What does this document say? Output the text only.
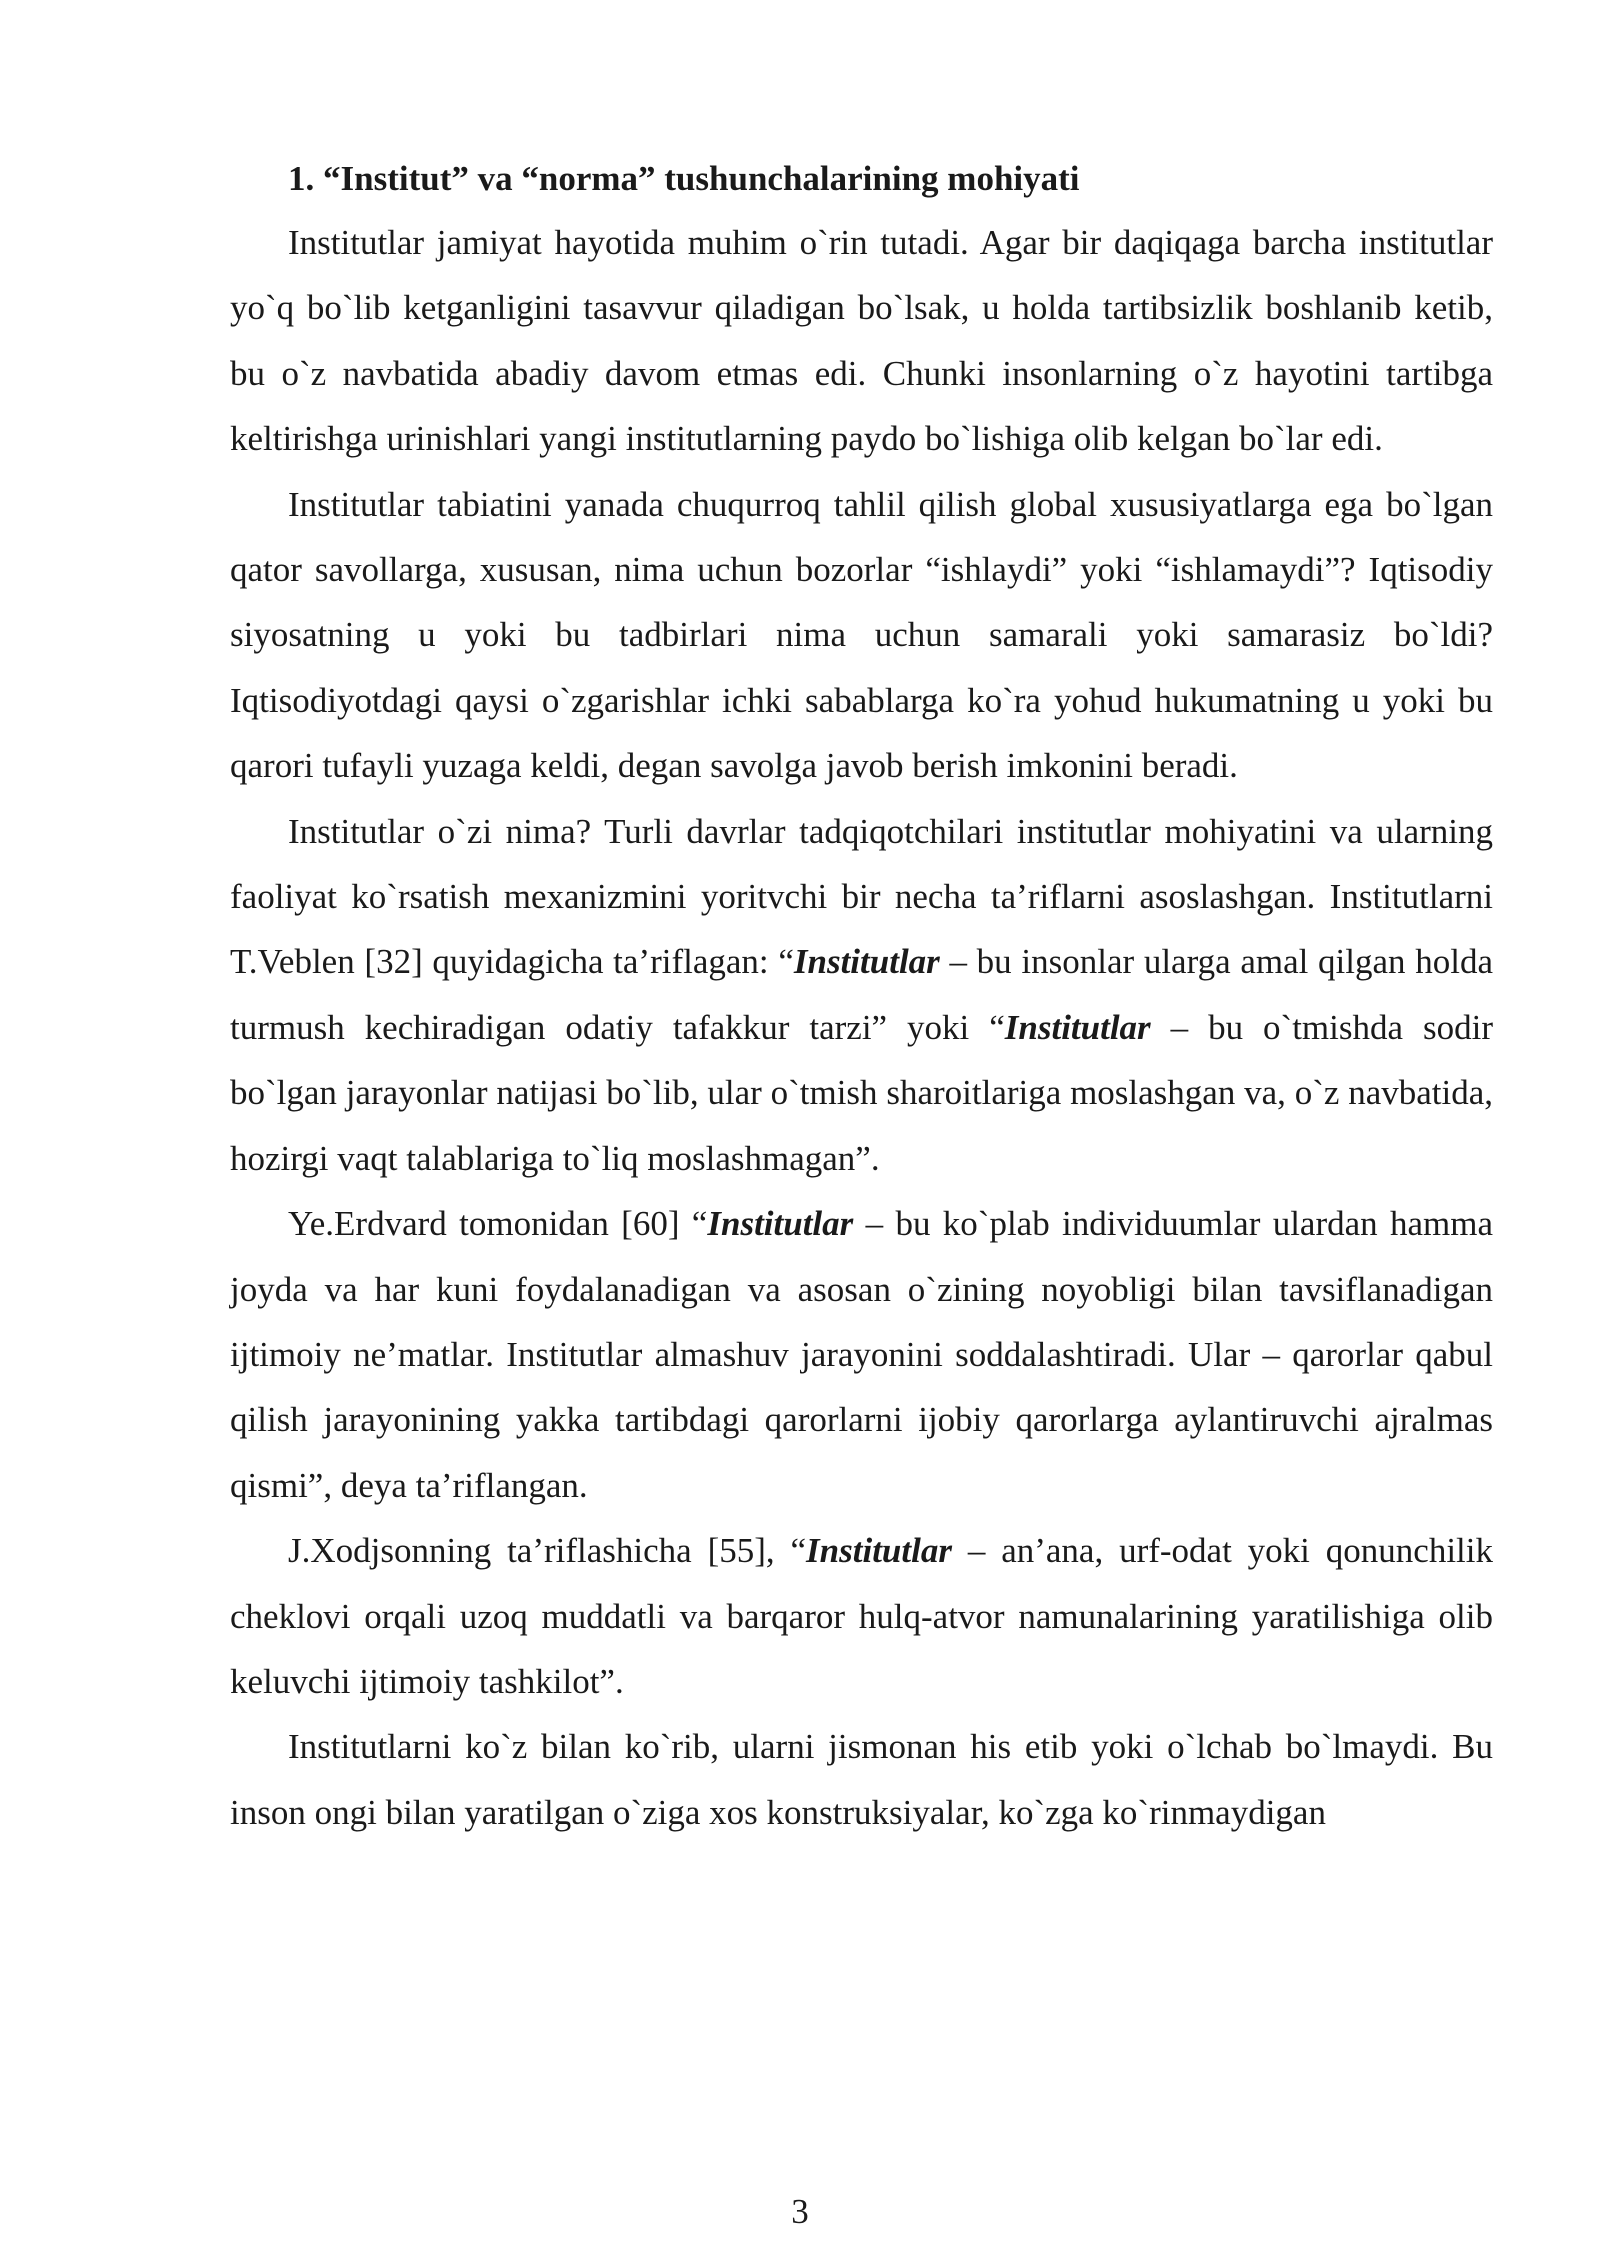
1. “Institut” va “norma” tushunchalarining mohiyati

Institutlar jamiyat hayotida muhim o`rin tutadi. Agar bir daqiqaga barcha institutlar yo`q bo`lib ketganligini tasavvur qiladigan bo`lsak, u holda tartibsizlik boshlanib ketib, bu o`z navbatida abadiy davom etmas edi. Chunki insonlarning o`z hayotini tartibga keltirishga urinishlari yangi institutlarning paydo bo`lishiga olib kelgan bo`lar edi.

Institutlar tabiatini yanada chuqurroq tahlil qilish global xususiyatlarga ega bo`lgan qator savollarga, xususan, nima uchun bozorlar “ishlaydi” yoki “ishlamaydi”? Iqtisodiy siyosatning u yoki bu tadbirlari nima uchun samarali yoki samarasiz bo`ldi? Iqtisodiyotdagi qaysi o`zgarishlar ichki sabablarga ko`ra yohud hukumatning u yoki bu qarori tufayli yuzaga keldi, degan savolga javob berish imkonini beradi.

Institutlar o`zi nima? Turli davrlar tadqiqotchilari institutlar mohiyatini va ularning faoliyat ko`rsatish mexanizmini yoritvchi bir necha ta’riflarni asoslashgan. Institutlarni T.Veblen [32] quyidagicha ta’riflagan: “Institutlar – bu insonlar ularga amal qilgan holda turmush kechiradigan odatiy tafakkur tarzi” yoki “Institutlar – bu o`tmishda sodir bo`lgan jarayonlar natijasi bo`lib, ular o`tmish sharoitlariga moslashgan va, o`z navbatida, hozirgi vaqt talablariga to`liq moslashmagan”.

Ye.Erdvard tomonidan [60] “Institutlar – bu ko`plab individuumlar ulardan hamma joyda va har kuni foydalanadigan va asosan o`zining noyobligi bilan tavsiflanadigan ijtimoiy ne’matlar. Institutlar almashuv jarayonini soddalashtiradi. Ular – qarorlar qabul qilish jarayonining yakka tartibdagi qarorlarni ijobiy qarorlarga aylantiruvchi ajralmas qismi”, deya ta’riflangan.

J.Xodjsonning ta’riflashicha [55], “Institutlar – an’ana, urf-odat yoki qonunchilik cheklovi orqali uzoq muddatli va barqaror hulq-atvor namunalarining yaratilishiga olib keluvchi ijtimoiy tashkilot”.

Institutlarni ko`z bilan ko`rib, ularni jismonan his etib yoki o`lchab bo`lmaydi. Bu inson ongi bilan yaratilgan o`ziga xos konstruksiyalar, ko`zga ko`rinmaydigan

3
